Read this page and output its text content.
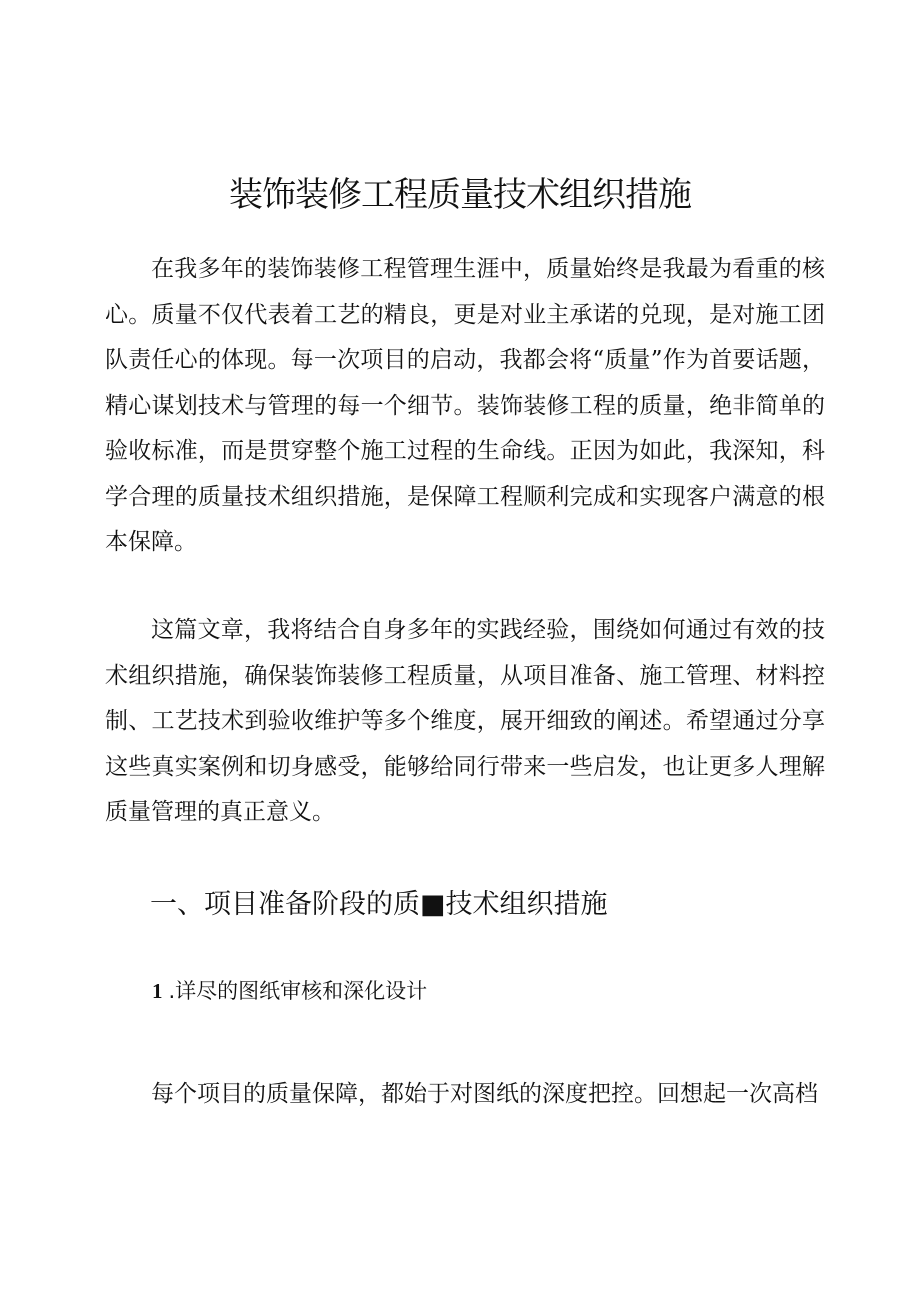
装饰装修工程质量技术组织措施

在我多年的装饰装修工程管理生涯中，质量始终是我最为看重的核心。质量不仅代表着工艺的精良，更是对业主承诺的兑现，是对施工团队责任心的体现。每一次项目的启动，我都会将“质量”作为首要话题，精心谋划技术与管理的每一个细节。装饰装修工程的质量，绝非简单的验收标准，而是贯穿整个施工过程的生命线。正因为如此，我深知，科学合理的质量技术组织措施，是保障工程顺利完成和实现客户满意的根本保障。

这篇文章，我将结合自身多年的实践经验，围绕如何通过有效的技术组织措施，确保装饰装修工程质量，从项目准备、施工管理、材料控制、工艺技术到验收维护等多个维度，展开细致的阐述。希望通过分享这些真实案例和切身感受，能够给同行带来一些启发，也让更多人理解质量管理的真正意义。

一、项目准备阶段的质■技术组织措施
1 .详尽的图纸审核和深化设计

每个项目的质量保障，都始于对图纸的深度把控。回想起一次高档
